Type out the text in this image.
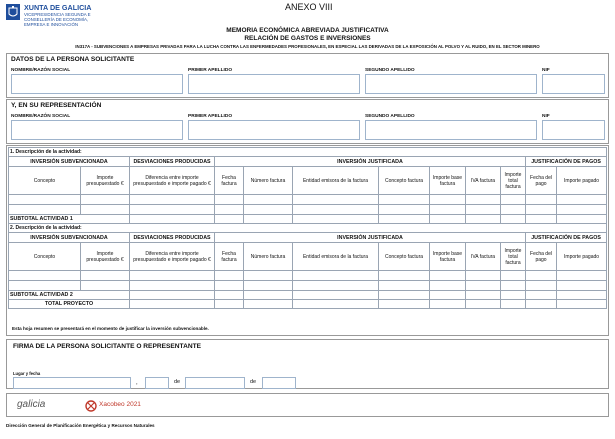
XUNTA DE GALICIA
VICEPRESIDENCIA SEGUNDA E
CONSELLERÍA DE ECONOMÍA,
EMPRESA E INNOVACIÓN
ANEXO VIII
MEMORIA ECONÓMICA ABREVIADA JUSTIFICATIVA
RELACIÓN DE GASTOS E INVERSIONES
IN317A - SUBVENCIONES A EMPRESAS PRIVADAS PARA LA LUCHA CONTRA LAS ENFERMEDADES PROFESIONALES, EN ESPECIAL LAS DERIVADAS DE LA EXPOSICIÓN AL POLVO Y AL RUIDO, EN EL SECTOR MINERO
DATOS DE LA PERSONA SOLICITANTE
NOMBRE/RAZÓN SOCIAL	PRIMER APELLIDO	SEGUNDO APELLIDO	NIF
Y, EN SU REPRESENTACIÓN
NOMBRE/RAZÓN SOCIAL	PRIMER APELLIDO	SEGUNDO APELLIDO	NIF
1. Descripción de la actividad:											
INVERSIÓN SUBVENCIONADA		DESVIACIONES PRODUCIDAS	INVERSIÓN JUSTIFICADA							JUSTIFICACIÓN DE PAGOS	
Concepto	Importe presupuestado €	Diferencia entre importe presupuestado e importe pagado €	Fecha factura	Número factura	Entidad emisora de la factura	Concepto factura	Importe base factura	IVA factura	Importe total factura	Fecha del pago	Importe pagado

SUBTOTAL ACTIVIDAD 1											
2. Descripción de la actividad:											
INVERSIÓN SUBVENCIONADA		DESVIACIONES PRODUCIDAS	INVERSIÓN JUSTIFICADA							JUSTIFICACIÓN DE PAGOS	
Concepto	Importe presupuestado €	Diferencia entre importe presupuestado e importe pagado €	Fecha factura	Número factura	Entidad emisora de la factura	Concepto factura	Importe base factura	IVA factura	Importe total factura	Fecha del pago	Importe pagado

SUBTOTAL ACTIVIDAD 2											
TOTAL PROYECTO											
Esta hoja resumen se presentará en el momento de justificar la inversión subvencionable.
FIRMA DE LA PERSONA SOLICITANTE O REPRESENTANTE
Lugar y fecha
,	de	de
galicia	Xacobeo 2021
Dirección General de Planificación Energética y Recursos Naturales
